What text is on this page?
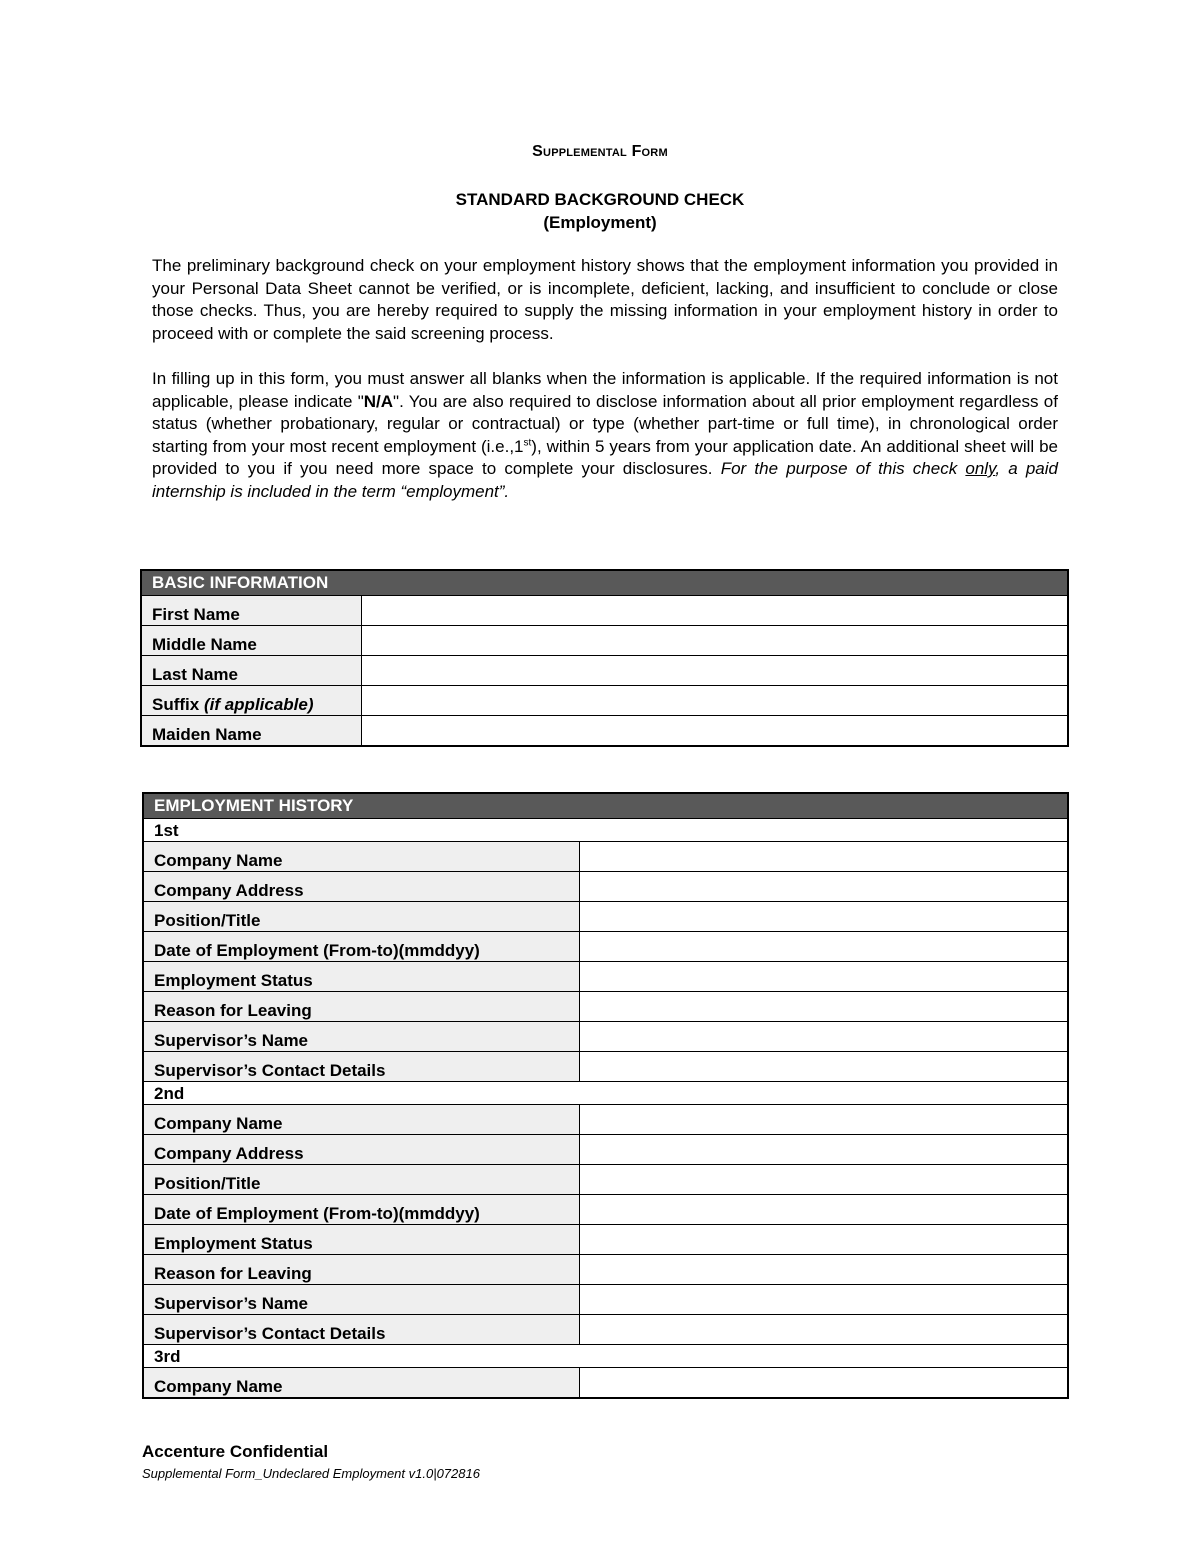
Supplemental Form
STANDARD BACKGROUND CHECK
(Employment)

The preliminary background check on your employment history shows that the employment information you provided in your Personal Data Sheet cannot be verified, or is incomplete, deficient, lacking, and insufficient to conclude or close those checks. Thus, you are hereby required to supply the missing information in your employment history in order to proceed with or complete the said screening process.

In filling up in this form, you must answer all blanks when the information is applicable. If the required information is not applicable, please indicate "N/A". You are also required to disclose information about all prior employment regardless of status (whether probationary, regular or contractual) or type (whether part-time or full time), in chronological order starting from your most recent employment (i.e.,1st), within 5 years from your application date. An additional sheet will be provided to you if you need more space to complete your disclosures. For the purpose of this check only, a paid internship is included in the term “employment”.

BASIC INFORMATION	
First Name	
Middle Name	
Last Name	
Suffix (if applicable)	
Maiden Name	
EMPLOYMENT HISTORY	
1st	
Company Name	
Company Address	
Position/Title	
Date of Employment (From-to)(mmddyy)	
Employment Status	
Reason for Leaving	
Supervisor’s Name	
Supervisor’s Contact Details	
2nd	
Company Name	
Company Address	
Position/Title	
Date of Employment (From-to)(mmddyy)	
Employment Status	
Reason for Leaving	
Supervisor’s Name	
Supervisor’s Contact Details	
3rd	
Company Name	
Accenture Confidential
Supplemental Form_Undeclared Employment v1.0|072816
